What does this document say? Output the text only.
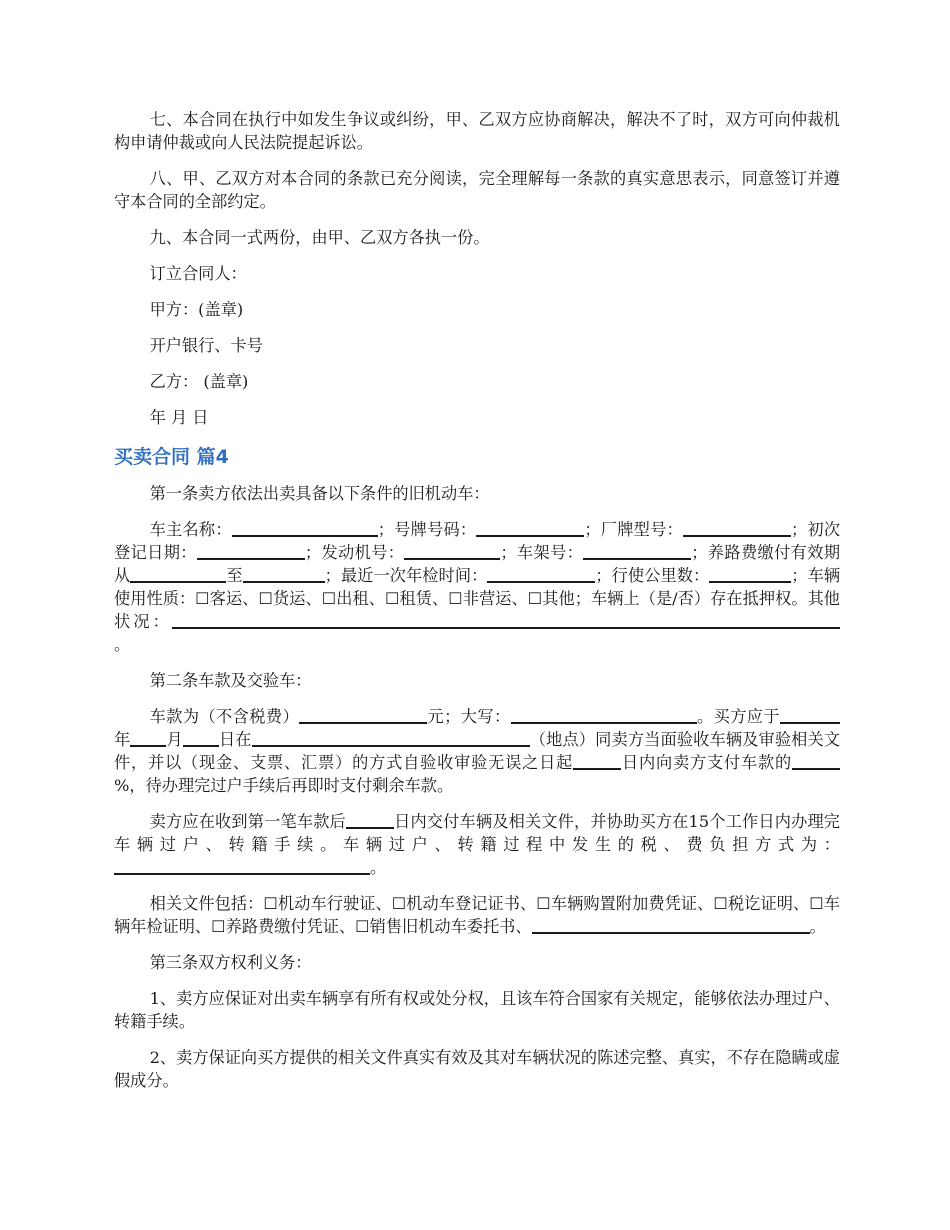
七、本合同在执行中如发生争议或纠纷，甲、乙双方应协商解决，解决不了时，双方可向仲裁机构申请仲裁或向人民法院提起诉讼。

八、甲、乙双方对本合同的条款已充分阅读，完全理解每一条款的真实意思表示，同意签订并遵守本合同的全部约定。

九、本合同一式两份，由甲、乙双方各执一份。

订立合同人：

甲方：(盖章)

开户银行、卡号

乙方： (盖章)

年 月 日

买卖合同 篇4

第一条卖方依法出卖具备以下条件的旧机动车：

车主名称：	；号牌号码：	；厂牌型号：	；初次登记日期：	；发动机号：	；车架号：	；养路费缴付有效期从	至	；最近一次年检时间：	；行使公里数：	；车辆使用性质：☐客运、☐货运、☐出租、☐租赁、☐非营运、☐其他；车辆上（是/否）存在抵押权。其他状况：。

第二条车款及交验车：

车款为（不含税费）	元；大写：	。买方应于年 月 日在	（地点）同卖方当面验收车辆及审验相关文件，并以（现金、支票、汇票）的方式自验收审验无误之日起	日内向卖方支付车款的%，待办理完过户手续后再即时支付剩余车款。

卖方应在收到第一笔车款后	日内交付车辆及相关文件，并协助买方在15个工作日内办理完车辆过户、转籍手续。车辆过户、转籍过程中发生的税、费负担方式为：。

相关文件包括：☐机动车行驶证、☐机动车登记证书、☐车辆购置附加费凭证、☐税讫证明、☐车辆年检证明、☐养路费缴付凭证、☐销售旧机动车委托书、	。

第三条双方权利义务：

1、卖方应保证对出卖车辆享有所有权或处分权，且该车符合国家有关规定，能够依法办理过户、转籍手续。

2、卖方保证向买方提供的相关文件真实有效及其对车辆状况的陈述完整、真实，不存在隐瞒或虚假成分。
